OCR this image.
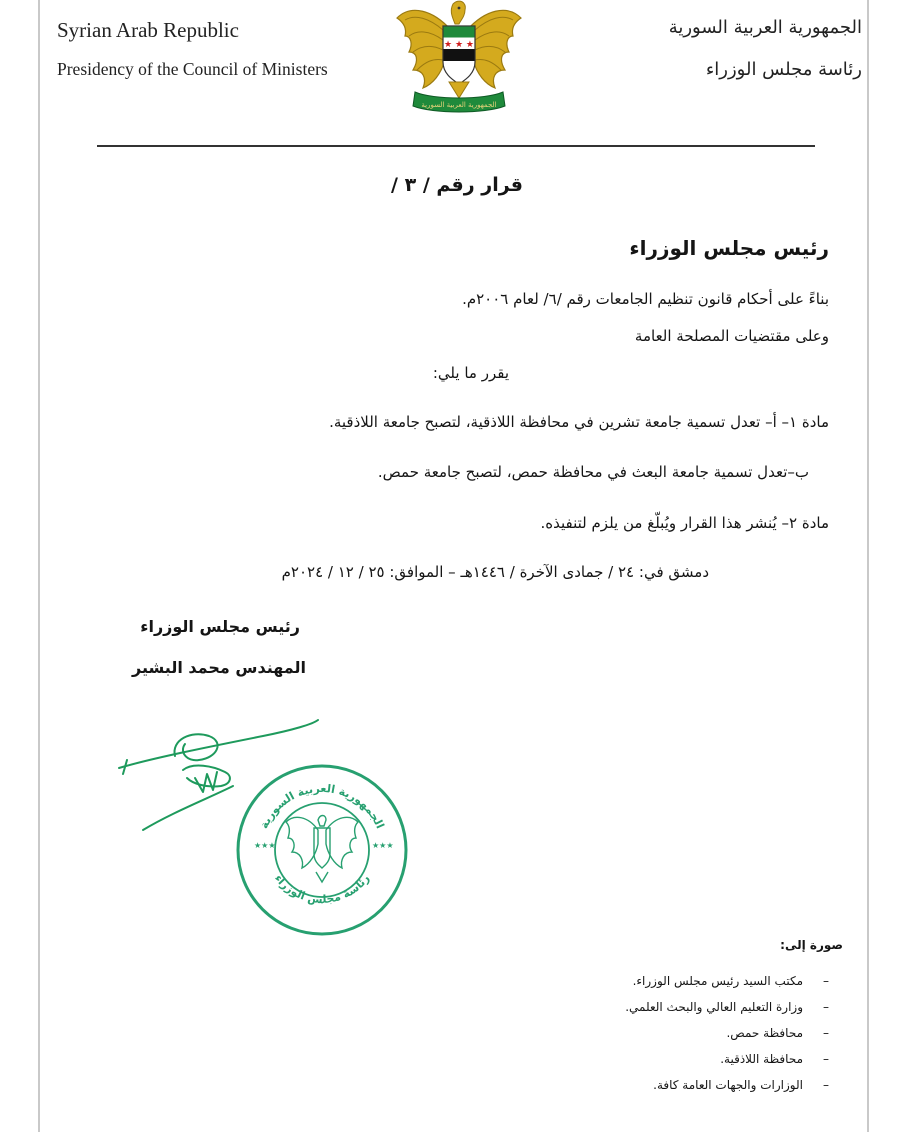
Syrian Arab Republic
Presidency of the Council of Ministers
الجمهورية العربية السورية
رئاسة مجلس الوزراء
★ ★ ★
الجمهورية العربية السورية
قرار رقم / ٣ /
رئيس مجلس الوزراء
بناءً على أحكام قانون تنظيم الجامعات رقم /٦/ لعام ٢٠٠٦م.
وعلى مقتضيات المصلحة العامة
يقرر ما يلي:
مادة ١– أ– تعدل تسمية جامعة تشرين في محافظة اللاذقية، لتصبح جامعة اللاذقية.
ب–تعدل تسمية جامعة البعث في محافظة حمص، لتصبح جامعة حمص.
مادة ٢– يُنشر هذا القرار ويُبلّغ من يلزم لتنفيذه.
دمشق في: ٢٤ / جمادى الآخرة / ١٤٤٦هـ – الموافق: ٢٥ / ١٢ / ٢٠٢٤م
رئيس مجلس الوزراء
المهندس محمد البشير
الجمهورية العربية السورية
رئاسة مجلس الوزراء
★★★	★★★
صورة إلى:
–مكتب السيد رئيس مجلس الوزراء.
–وزارة التعليم العالي والبحث العلمي.
–محافظة حمص.
–محافظة اللاذقية.
–الوزارات والجهات العامة كافة.
